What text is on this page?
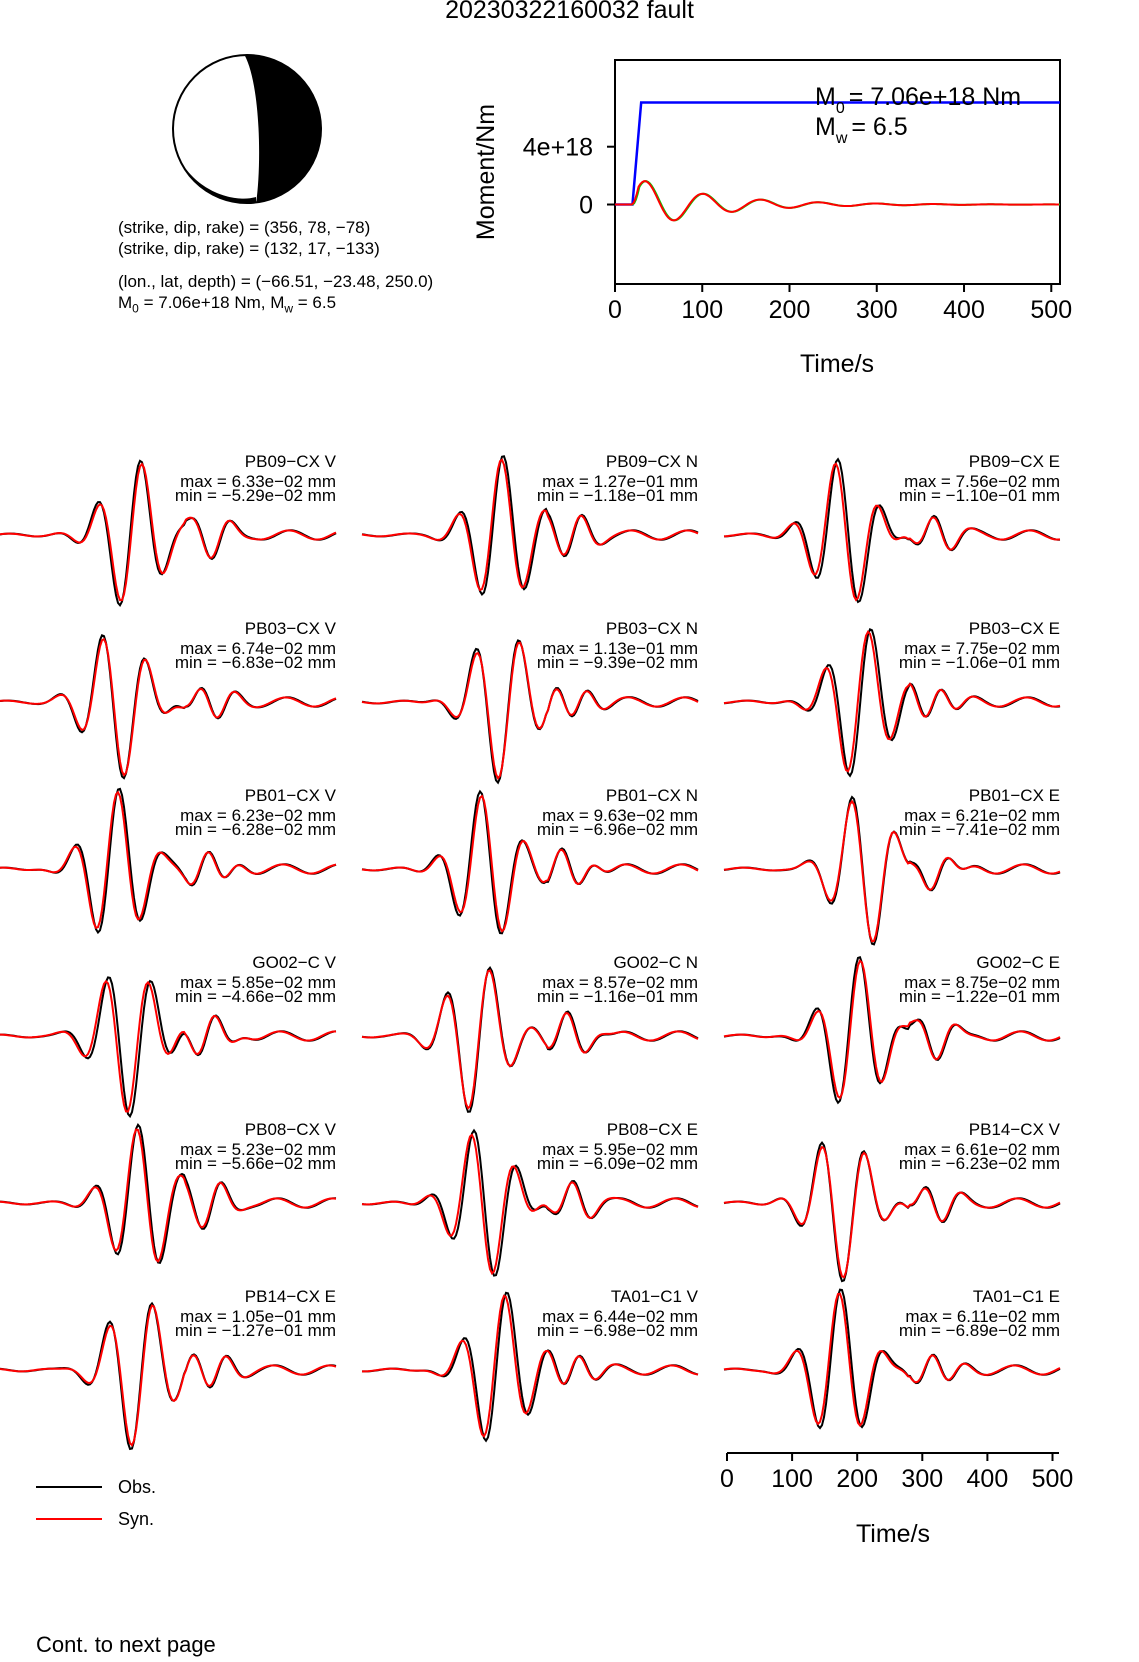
20230322160032 fault
(strike, dip, rake) = (356, 78, −78)
(strike, dip, rake) = (132, 17, −133)
(lon., lat, depth) = (−66.51, −23.48, 250.0)
$M_0 = 7.06e+18$ Nm, $M_w = 6.5$	0 100 200 300 400 500
0
4e+18
$M_0 = 7.06e+18$ Nm
$M_w = 6.5$
Time/s
Moment/Nm
PB09−CX V
max = 6.33e−02 mm
min = −5.29e−02 mm
PB09−CX N
max = 1.27e−01 mm
min = −1.18e−01 mm
PB09−CX E
max = 7.56e−02 mm
min = −1.10e−01 mm
PB03−CX V
max = 6.74e−02 mm
min = −6.83e−02 mm
PB03−CX N
max = 1.13e−01 mm
min = −9.39e−02 mm
PB03−CX E
max = 7.75e−02 mm
min = −1.06e−01 mm
PB01−CX V
max = 6.23e−02 mm
min = −6.28e−02 mm
PB01−CX N
max = 9.63e−02 mm
min = −6.96e−02 mm
PB01−CX E
max = 6.21e−02 mm
min = −7.41e−02 mm
GO02−C V
max = 5.85e−02 mm
min = −4.66e−02 mm
GO02−C N
max = 8.57e−02 mm
min = −1.16e−01 mm
GO02−C E
max = 8.75e−02 mm
min = −1.22e−01 mm
PB08−CX V
max = 5.23e−02 mm
min = −5.66e−02 mm
PB08−CX E
max = 5.95e−02 mm
min = −6.09e−02 mm
PB14−CX V
max = 6.61e−02 mm
min = −6.23e−02 mm
PB14−CX E
max = 1.05e−01 mm
min = −1.27e−01 mm
TA01−C1 V
max = 6.44e−02 mm
min = −6.98e−02 mm
TA01−C1 E
max = 6.11e−02 mm
min = −6.89e−02 mm
0 100 200 300 400 500
Time/s
Obs.
Syn.
Cont. to next page
